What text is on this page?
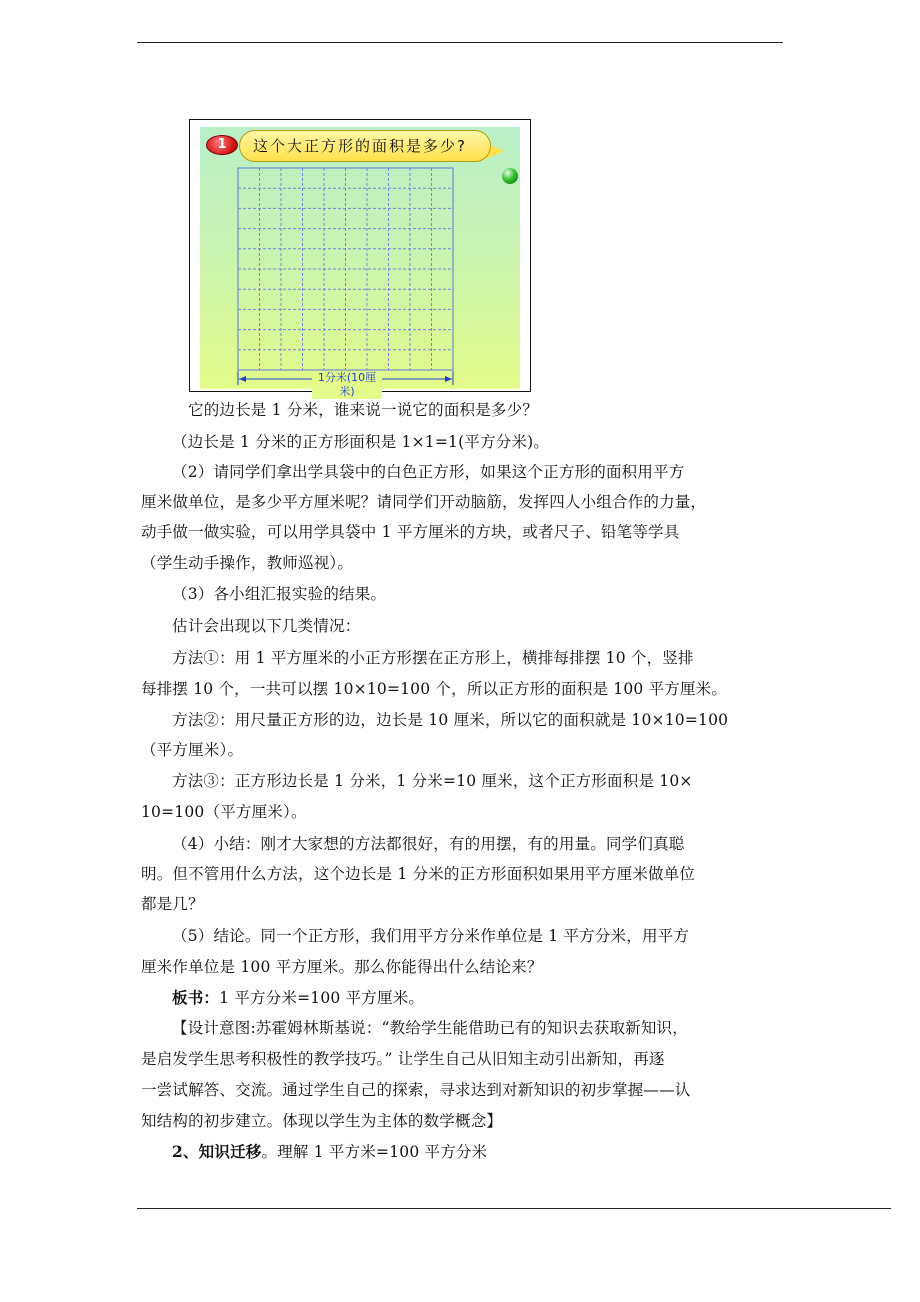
1	这个大正方形的面积是多少?
1分米(10厘米)

它的边长是 1 分米，谁来说一说它的面积是多少？

（边长是 1 分米的正方形面积是 1×1=1(平方分米)。

（2）请同学们拿出学具袋中的白色正方形，如果这个正方形的面积用平方

厘米做单位，是多少平方厘米呢？请同学们开动脑筋，发挥四人小组合作的力量，

动手做一做实验，可以用学具袋中 1 平方厘米的方块，或者尺子、铅笔等学具

（学生动手操作，教师巡视）。

（3）各小组汇报实验的结果。

估计会出现以下几类情况：

方法①：用 1 平方厘米的小正方形摆在正方形上，横排每排摆 10 个，竖排

每排摆 10 个，一共可以摆 10×10=100 个，所以正方形的面积是 100 平方厘米。

方法②：用尺量正方形的边，边长是 10 厘米，所以它的面积就是 10×10=100

（平方厘米）。

方法③：正方形边长是 1 分米，1 分米=10 厘米，这个正方形面积是 10×

10=100（平方厘米）。

（4）小结：刚才大家想的方法都很好，有的用摆，有的用量。同学们真聪

明。但不管用什么方法，这个边长是 1 分米的正方形面积如果用平方厘米做单位

都是几？

（5）结论。同一个正方形，我们用平方分米作单位是 1 平方分米，用平方

厘米作单位是 100 平方厘米。那么你能得出什么结论来？

板书：1 平方分米=100 平方厘米。

【设计意图:苏霍姆林斯基说：“教给学生能借助已有的知识去获取新知识，

是启发学生思考积极性的教学技巧。” 让学生自己从旧知主动引出新知，再逐

一尝试解答、交流。通过学生自己的探索，寻求达到对新知识的初步掌握——认

知结构的初步建立。体现以学生为主体的数学概念】

2、知识迁移。理解 1 平方米=100 平方分米
